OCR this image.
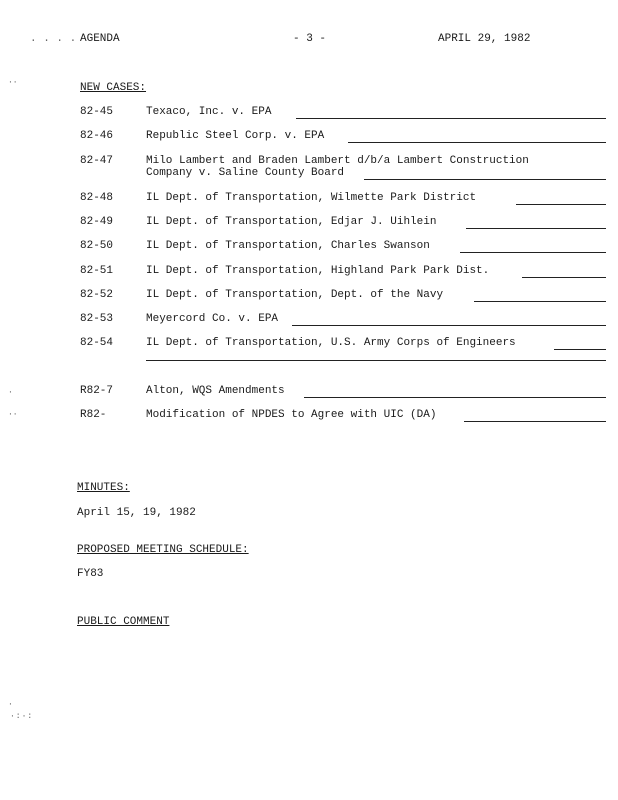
. . . . AGENDA	- 3 -	APRIL 29, 1982
NEW CASES:
82-45	Texaco, Inc. v. EPA
82-46	Republic Steel Corp. v. EPA
82-47	Milo Lambert and Braden Lambert d/b/a Lambert Construction
Company v. Saline County Board
82-48	IL Dept. of Transportation, Wilmette Park District
82-49	IL Dept. of Transportation, Edjar J. Uihlein
82-50	IL Dept. of Transportation, Charles Swanson
82-51	IL Dept. of Transportation, Highland Park Park Dist.
82-52	IL Dept. of Transportation, Dept. of the Navy
82-53	Meyercord Co. v. EPA
82-54	IL Dept. of Transportation, U.S. Army Corps of Engineers
R82-7	Alton, WQS Amendments
R82-	Modification of NPDES to Agree with UIC (DA)
MINUTES:
April 15, 19, 1982
PROPOSED MEETING SCHEDULE:
FY83
PUBLIC COMMENT
··
·
··
·
·:·:
